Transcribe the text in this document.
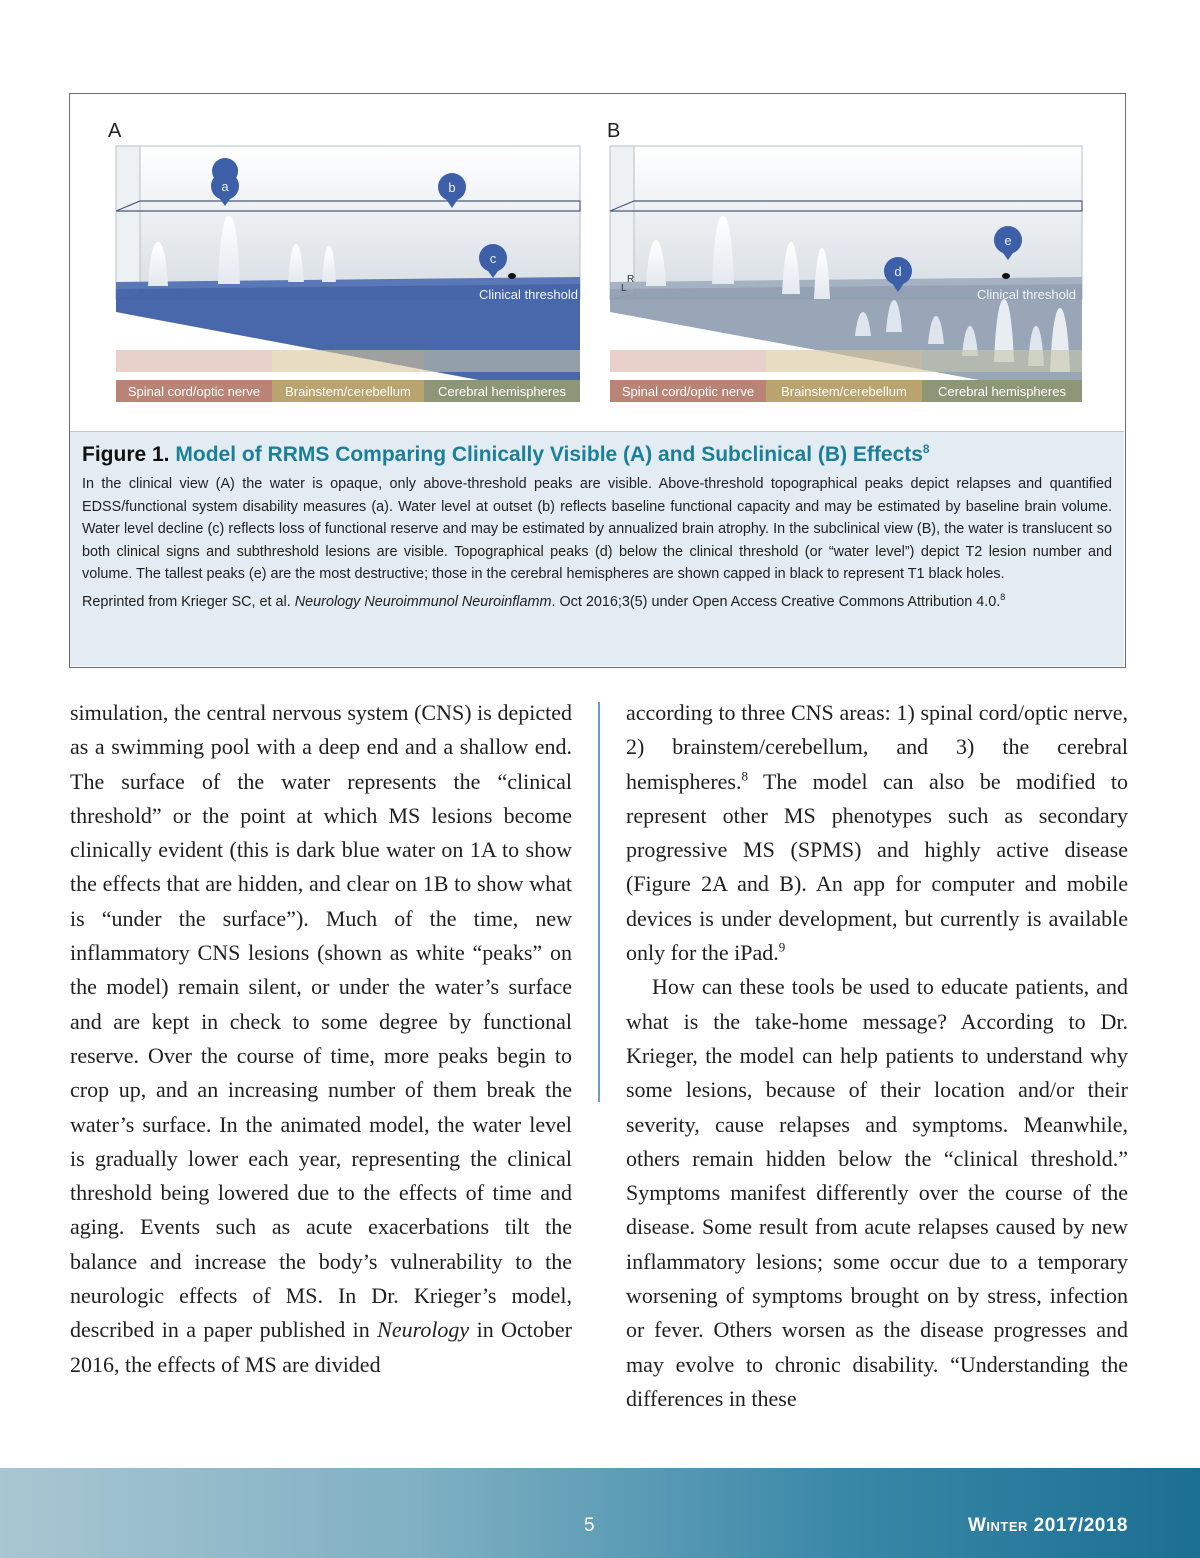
A
a	b
c
Clinical threshold
Spinal cord/optic nerve Brainstem/cerebellum Cerebral hemispheres
B
R
L
d
e
Clinical threshold
Spinal cord/optic nerve Brainstem/cerebellum Cerebral hemispheres

Figure 1. Model of RRMS Comparing Clinically Visible (A) and Subclinical (B) Effects$^8$

In the clinical view (A) the water is opaque, only above-threshold peaks are visible. Above-threshold topographical peaks depict relapses and quantified EDSS/functional system disability measures (a). Water level at outset (b) reflects baseline functional capacity and may be estimated by baseline brain volume. Water level decline (c) reflects loss of functional reserve and may be estimated by annualized brain atrophy. In the subclinical view (B), the water is translucent so both clinical signs and subthreshold lesions are visible. Topographical peaks (d) below the clinical threshold (or “water level”) depict T2 lesion number and volume. The tallest peaks (e) are the most destructive; those in the cerebral hemispheres are shown capped in black to represent T1 black holes.

Reprinted from Krieger SC, et al. Neurology Neuroimmunol Neuroinflamm. Oct 2016;3(5) under Open Access Creative Commons Attribution 4.0.$^8$

simulation, the central nervous system (CNS) is depicted as a swimming pool with a deep end and a shallow end. The surface of the water represents the “clinical threshold” or the point at which MS lesions become clinically evident (this is dark blue water on 1A to show the effects that are hidden, and clear on 1B to show what is “under the surface”). Much of the time, new inflammatory CNS lesions (shown as white “peaks” on the model) remain silent, or under the water’s surface and are kept in check to some degree by functional reserve. Over the course of time, more peaks begin to crop up, and an increasing number of them break the water’s surface. In the animated model, the water level is gradually lower each year, representing the clinical threshold being lowered due to the effects of time and aging. Events such as acute exacerbations tilt the balance and increase the body’s vulnerability to the neurologic effects of MS. In Dr. Krieger’s model, described in a paper published in Neurology in October 2016, the effects of MS are divided

according to three CNS areas: 1) spinal cord/optic nerve, 2) brainstem/cerebellum, and 3) the cerebral hemispheres.$^8$ The model can also be modified to represent other MS phenotypes such as secondary progressive MS (SPMS) and highly active disease (Figure 2A and B). An app for computer and mobile devices is under development, but currently is available only for the iPad.$^9$

How can these tools be used to educate patients, and what is the take-home message? According to Dr. Krieger, the model can help patients to understand why some lesions, because of their location and/or their severity, cause relapses and symptoms. Meanwhile, others remain hidden below the “clinical threshold.” Symptoms manifest differently over the course of the disease. Some result from acute relapses caused by new inflammatory lesions; some occur due to a temporary worsening of symptoms brought on by stress, infection or fever. Others worsen as the disease progresses and may evolve to chronic disability. “Understanding the differences in these

5	Winter 2017/2018
